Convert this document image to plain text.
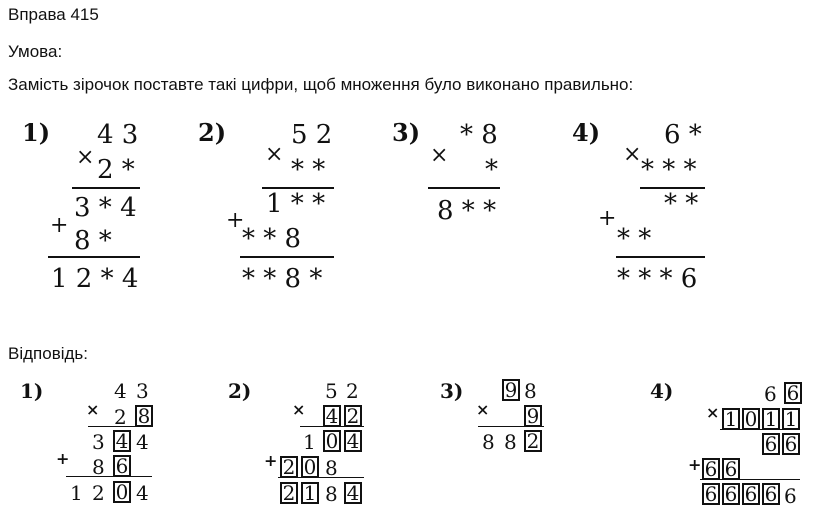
Вправа 415
Умова:
Замість зірочок поставте такі цифри, щоб множення було виконано правильно:
Відповідь:
1) 4 3
2 *
3 * 4
8 *
1 2 * 4
×
+
2) 5 2
* *
1 * *
* * 8
* * 8 *
×
+
3) * 8
*
8 * *
×
4) 6 *
* * *
* *
* *
* * * 6
×
+
1)	4 3
2 8
3 4 4
8 6
1 2 0 4
×
+
2)	5 2
4 2
1 0 4
2 0 8
2 1 8 4
×
+
3) 9 8
9
8 8 2
×
4)	6 6
1 0 1 1
6 6
6 6
6 6 6 6 6
×
+
